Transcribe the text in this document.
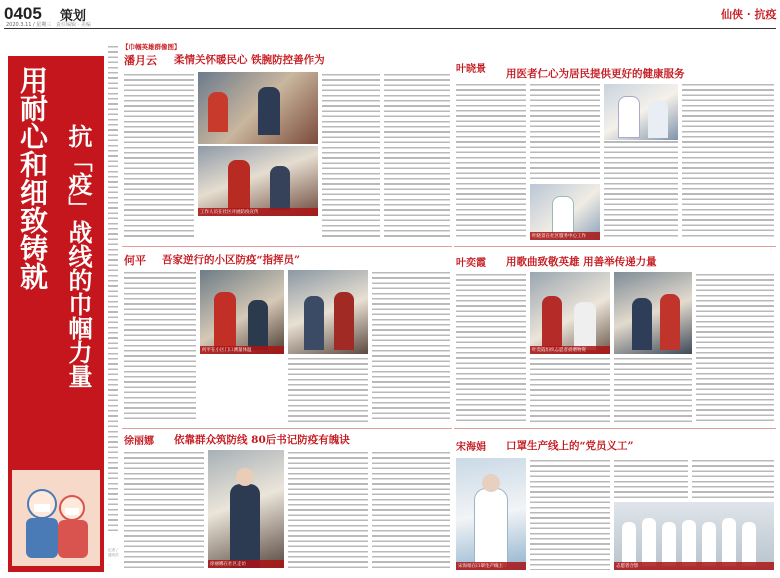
0405 策划
2020.3.11 / 星期三 责任编辑 · 美编
仙侠 · 抗疫
用耐心和细致铸就 抗「疫」战线的巾帼力量
记者 / 通讯员
【巾帼英雄群像图】
潘月云 柔情关怀暖民心 铁腕防控善作为
工作人员在社区开展防疫宣传
叶晓景 用医者仁心为居民提供更好的健康服务
叶晓景在社区服务中心工作
何平 吾家逆行的小区防疫“指挥员”
何平在小区门口测量体温
叶奕霞 用歌曲致敬英雄 用善举传递力量
叶奕霞组织志愿者捐赠物资
徐丽娜 依靠群众筑防线 80后书记防疫有魄诀
徐丽娜在社区走访
宋海娟 口罩生产线上的“党员义工”
宋海娟在口罩生产线上	志愿者合影
